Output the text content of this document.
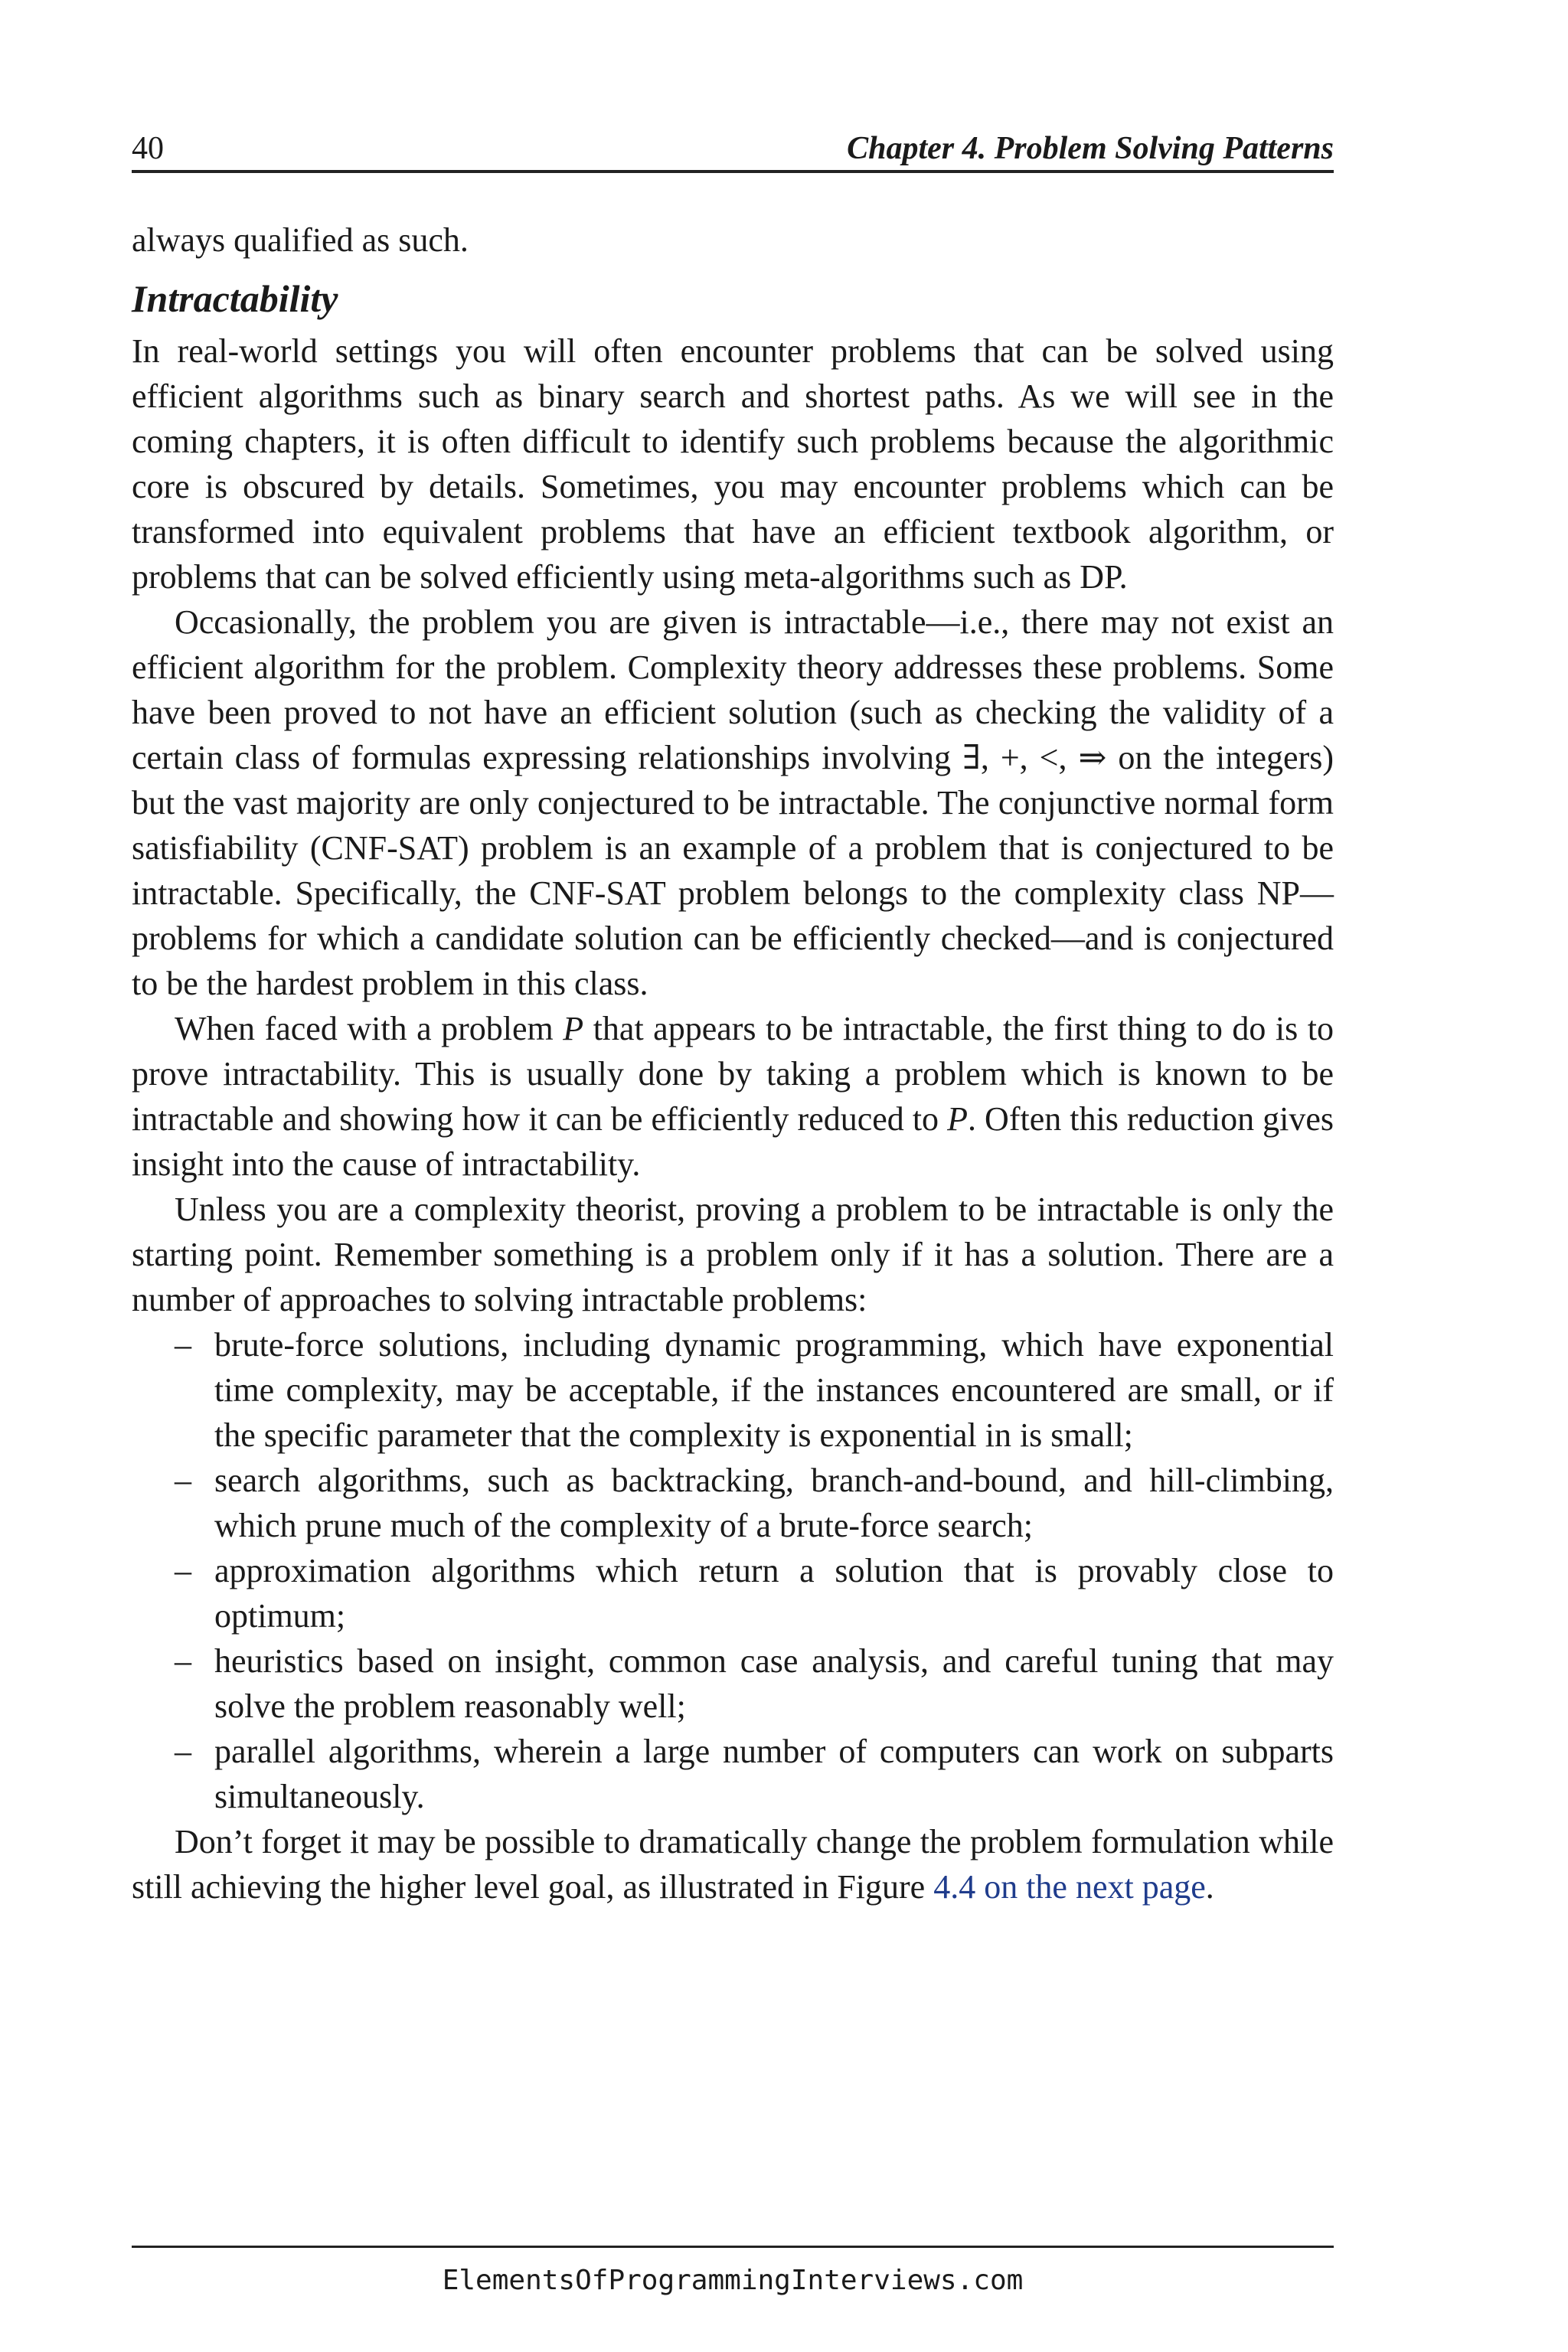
40	Chapter 4. Problem Solving Patterns

always qualified as such.

Intractability

In real-world settings you will often encounter problems that can be solved using efficient algorithms such as binary search and shortest paths. As we will see in the coming chapters, it is often difficult to identify such problems because the algorithmic core is obscured by details. Sometimes, you may encounter problems which can be transformed into equivalent problems that have an efficient textbook algorithm, or problems that can be solved efficiently using meta-algorithms such as DP.

Occasionally, the problem you are given is intractable—i.e., there may not exist an efficient algorithm for the problem. Complexity theory addresses these problems. Some have been proved to not have an efficient solution (such as checking the validity of a certain class of formulas expressing relationships involving ∃, +, <, ⇒ on the integers) but the vast majority are only conjectured to be intractable. The conjunctive normal form satisfiability (CNF-SAT) problem is an example of a problem that is conjectured to be intractable. Specifically, the CNF-SAT problem belongs to the complexity class NP—problems for which a candidate solution can be efficiently checked—and is conjectured to be the hardest problem in this class.

When faced with a problem P that appears to be intractable, the first thing to do is to prove intractability. This is usually done by taking a problem which is known to be intractable and showing how it can be efficiently reduced to P. Often this reduction gives insight into the cause of intractability.

Unless you are a complexity theorist, proving a problem to be intractable is only the starting point. Remember something is a problem only if it has a solution. There are a number of approaches to solving intractable problems:

– brute-force solutions, including dynamic programming, which have exponential time complexity, may be acceptable, if the instances encountered are small, or if the specific parameter that the complexity is exponential in is small;
– search algorithms, such as backtracking, branch-and-bound, and hill-climbing, which prune much of the complexity of a brute-force search;
– approximation algorithms which return a solution that is provably close to optimum;
– heuristics based on insight, common case analysis, and careful tuning that may solve the problem reasonably well;
– parallel algorithms, wherein a large number of computers can work on subparts simultaneously.

Don’t forget it may be possible to dramatically change the problem formulation while still achieving the higher level goal, as illustrated in Figure 4.4 on the next page.

ElementsOfProgrammingInterviews.com
